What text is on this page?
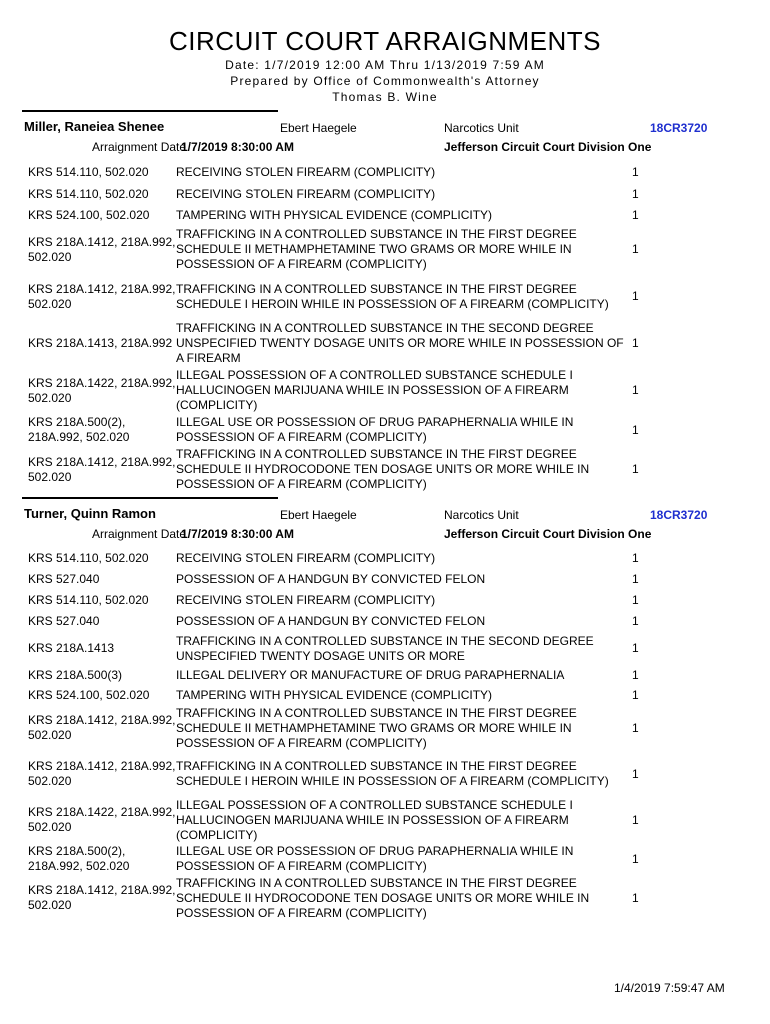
CIRCUIT COURT ARRAIGNMENTS
Date: 1/7/2019 12:00 AM Thru 1/13/2019 7:59 AM
Prepared by Office of Commonwealth's Attorney
Thomas B. Wine
Miller, Raneiea Shenee	Ebert Haegele	Narcotics Unit	18CR3720
Arraignment Date
1/7/2019 8:30:00 AM	Jefferson Circuit Court Division One
KRS 514.110, 502.020	RECEIVING STOLEN FIREARM (COMPLICITY)	1
KRS 514.110, 502.020	RECEIVING STOLEN FIREARM (COMPLICITY)	1
KRS 524.100, 502.020	TAMPERING WITH PHYSICAL EVIDENCE (COMPLICITY)	1
KRS 218A.1412, 218A.992, 502.020
TRAFFICKING IN A CONTROLLED SUBSTANCE IN THE FIRST DEGREE SCHEDULE II METHAMPHETAMINE TWO GRAMS OR MORE WHILE IN POSSESSION OF A FIREARM (COMPLICITY)
1
KRS 218A.1412, 218A.992, 502.020
TRAFFICKING IN A CONTROLLED SUBSTANCE IN THE FIRST DEGREE SCHEDULE I HEROIN WHILE IN POSSESSION OF A FIREARM (COMPLICITY)
1
KRS 218A.1413, 218A.992
TRAFFICKING IN A CONTROLLED SUBSTANCE IN THE SECOND DEGREE UNSPECIFIED TWENTY DOSAGE UNITS OR MORE WHILE IN POSSESSION OF A FIREARM
1
KRS 218A.1422, 218A.992, 502.020
ILLEGAL POSSESSION OF A CONTROLLED SUBSTANCE SCHEDULE I HALLUCINOGEN MARIJUANA WHILE IN POSSESSION OF A FIREARM (COMPLICITY)
1
KRS 218A.500(2), 218A.992, 502.020
ILLEGAL USE OR POSSESSION OF DRUG PARAPHERNALIA WHILE IN POSSESSION OF A FIREARM (COMPLICITY)
1
KRS 218A.1412, 218A.992, 502.020
TRAFFICKING IN A CONTROLLED SUBSTANCE IN THE FIRST DEGREE SCHEDULE II HYDROCODONE TEN DOSAGE UNITS OR MORE WHILE IN POSSESSION OF A FIREARM (COMPLICITY)
1
Turner, Quinn Ramon	Ebert Haegele	Narcotics Unit	18CR3720
Arraignment Date
1/7/2019 8:30:00 AM	Jefferson Circuit Court Division One
KRS 514.110, 502.020	RECEIVING STOLEN FIREARM (COMPLICITY)	1
KRS 527.040	POSSESSION OF A HANDGUN BY CONVICTED FELON	1
KRS 514.110, 502.020	RECEIVING STOLEN FIREARM (COMPLICITY)	1
KRS 527.040	POSSESSION OF A HANDGUN BY CONVICTED FELON	1
KRS 218A.1413
TRAFFICKING IN A CONTROLLED SUBSTANCE IN THE SECOND DEGREE UNSPECIFIED TWENTY DOSAGE UNITS OR MORE
1
KRS 218A.500(3)	ILLEGAL DELIVERY OR MANUFACTURE OF DRUG PARAPHERNALIA	1
KRS 524.100, 502.020	TAMPERING WITH PHYSICAL EVIDENCE (COMPLICITY)	1
KRS 218A.1412, 218A.992, 502.020
TRAFFICKING IN A CONTROLLED SUBSTANCE IN THE FIRST DEGREE SCHEDULE II METHAMPHETAMINE TWO GRAMS OR MORE WHILE IN POSSESSION OF A FIREARM (COMPLICITY)
1
KRS 218A.1412, 218A.992, 502.020
TRAFFICKING IN A CONTROLLED SUBSTANCE IN THE FIRST DEGREE SCHEDULE I HEROIN WHILE IN POSSESSION OF A FIREARM (COMPLICITY)
1
KRS 218A.1422, 218A.992, 502.020
ILLEGAL POSSESSION OF A CONTROLLED SUBSTANCE SCHEDULE I HALLUCINOGEN MARIJUANA WHILE IN POSSESSION OF A FIREARM (COMPLICITY)
1
KRS 218A.500(2), 218A.992, 502.020
ILLEGAL USE OR POSSESSION OF DRUG PARAPHERNALIA WHILE IN POSSESSION OF A FIREARM (COMPLICITY)
1
KRS 218A.1412, 218A.992, 502.020
TRAFFICKING IN A CONTROLLED SUBSTANCE IN THE FIRST DEGREE SCHEDULE II HYDROCODONE TEN DOSAGE UNITS OR MORE WHILE IN POSSESSION OF A FIREARM (COMPLICITY)
1
1/4/2019 7:59:47 AM
